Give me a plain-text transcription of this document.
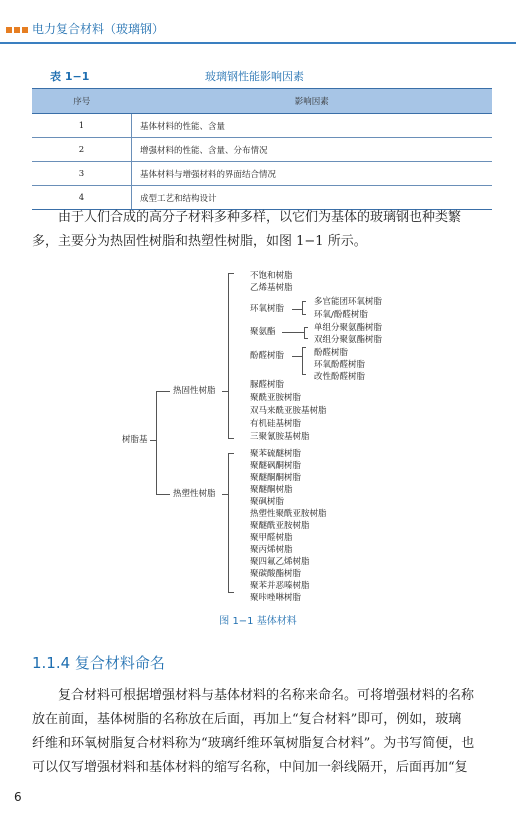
电力复合材料（玻璃钢）
表 1−1	玻璃钢性能影响因素
序号	影响因素
1	基体材料的性能、含量
2	增强材料的性能、含量、分布情况
3	基体材料与增强材料的界面结合情况
4	成型工艺和结构设计
由于人们合成的高分子材料多种多样，以它们为基体的玻璃钢也种类繁
多，主要分为热固性树脂和热塑性树脂，如图 1−1 所示。
树脂基
热固性树脂
热塑性树脂
不饱和树脂
乙烯基树脂
环氧树脂
多官能团环氧树脂
环氧/酚醛树脂
聚氨酯	单组分聚氨酯树脂
双组分聚氨酯树脂
酚醛树脂	酚醛树脂
环氧酚醛树脂
改性酚醛树脂
脲醛树脂
聚酰亚胺树脂
双马来酰亚胺基树脂
有机硅基树脂
三聚氰胺基树脂
聚苯硫醚树脂
聚醚砜酮树脂
聚醚酮酮树脂
聚醚酮树脂
聚砜树脂
热塑性聚酰亚胺树脂
聚醚酰亚胺树脂
聚甲醛树脂
聚丙烯树脂
聚四氟乙烯树脂
聚碳酸酯树脂
聚苯并恶嗪树脂
聚咔唑啉树脂
图 1−1 基体材料
1.1.4 复合材料命名
复合材料可根据增强材料与基体材料的名称来命名。可将增强材料的名称
放在前面，基体树脂的名称放在后面，再加上“复合材料”即可，例如，玻璃
纤维和环氧树脂复合材料称为“玻璃纤维环氧树脂复合材料”。为书写简便，也
可以仅写增强材料和基体材料的缩写名称，中间加一斜线隔开，后面再加“复
6
